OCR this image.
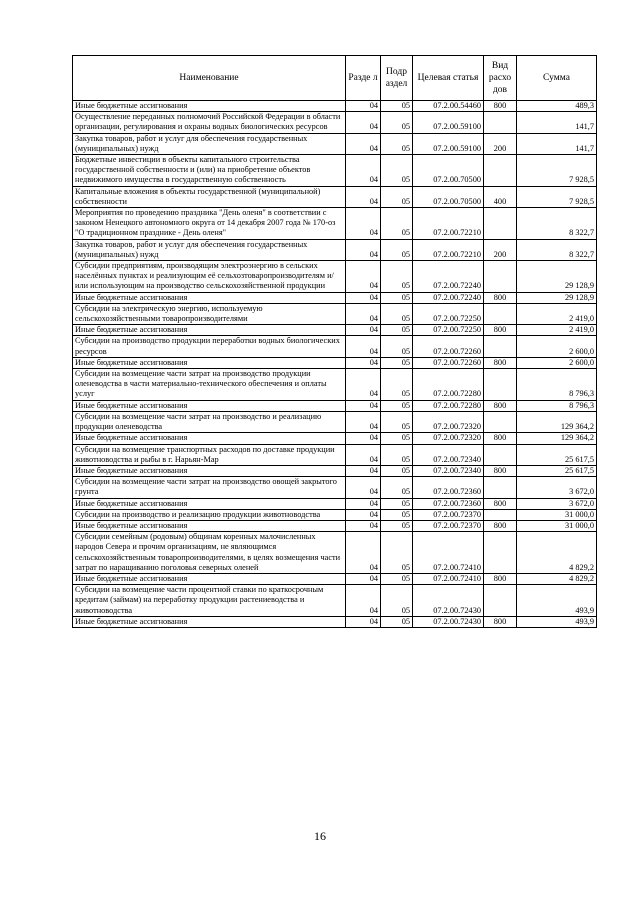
Наименование	Разде л	Подр аздел	Целевая статья	Вид расхо дов	Сумма
Иные бюджетные ассигнования	04	05	07.2.00.54460	800	489,3
Осуществление переданных полномочий Российской Федерации в области организации, регулирования и охраны водных биологических ресурсов	04	05	07.2.00.59100		141,7
Закупка товаров, работ и услуг для обеспечения государственных (муниципальных) нужд	04	05	07.2.00.59100	200	141,7
Бюджетные инвестиции в объекты капитального строительства государственной собственности и (или) на приобретение объектов недвижимого имущества в государственную собственность	04	05	07.2.00.70500		7 928,5
Капитальные вложения в объекты государственной (муниципальной) собственности	04	05	07.2.00.70500	400	7 928,5
Мероприятия по проведению праздника "День оленя" в соответствии с законом Ненецкого автономного округа от 14 декабря 2007 года № 170-оз "О традиционном празднике - День оленя"	04	05	07.2.00.72210		8 322,7
Закупка товаров, работ и услуг для обеспечения государственных (муниципальных) нужд	04	05	07.2.00.72210	200	8 322,7
Субсидии предприятиям, производящим электроэнергию в сельских населённых пунктах и реализующим её сельхозтоваропроизводителям и/или использующим на производство сельскохозяйственной продукции	04	05	07.2.00.72240		29 128,9
Иные бюджетные ассигнования	04	05	07.2.00.72240	800	29 128,9
Субсидии на электрическую энергию, используемую сельскохозяйственными товаропроизводителями	04	05	07.2.00.72250		2 419,0
Иные бюджетные ассигнования	04	05	07.2.00.72250	800	2 419,0
Субсидии на производство продукции переработки водных биологических ресурсов	04	05	07.2.00.72260		2 600,0
Иные бюджетные ассигнования	04	05	07.2.00.72260	800	2 600,0
Субсидии на возмещение части затрат на производство продукции оленеводства в части материально-технического обеспечения и оплаты услуг	04	05	07.2.00.72280		8 796,3
Иные бюджетные ассигнования	04	05	07.2.00.72280	800	8 796,3
Субсидии на возмещение части затрат на производство и реализацию продукции оленеводства	04	05	07.2.00.72320		129 364,2
Иные бюджетные ассигнования	04	05	07.2.00.72320	800	129 364,2
Субсидии на возмещение транспортных расходов по доставке продукции животноводства и рыбы в г. Нарьян-Мар	04	05	07.2.00.72340		25 617,5
Иные бюджетные ассигнования	04	05	07.2.00.72340	800	25 617,5
Субсидии на возмещение части затрат на производство овощей закрытого грунта	04	05	07.2.00.72360		3 672,0
Иные бюджетные ассигнования	04	05	07.2.00.72360	800	3 672,0
Субсидии на производство и реализацию продукции животноводства	04	05	07.2.00.72370		31 000,0
Иные бюджетные ассигнования	04	05	07.2.00.72370	800	31 000,0
Субсидии семейным (родовым) общинам коренных малочисленных народов Севера и прочим организациям, не являющимся сельскохозяйственным товаропроизводителями, в целях возмещения части затрат по наращиванию поголовья северных оленей	04	05	07.2.00.72410		4 829,2
Иные бюджетные ассигнования	04	05	07.2.00.72410	800	4 829,2
Субсидии на возмещение части процентной ставки по краткосрочным кредитам (займам) на переработку продукции растениеводства и животноводства	04	05	07.2.00.72430		493,9
Иные бюджетные ассигнования	04	05	07.2.00.72430	800	493,9
16
